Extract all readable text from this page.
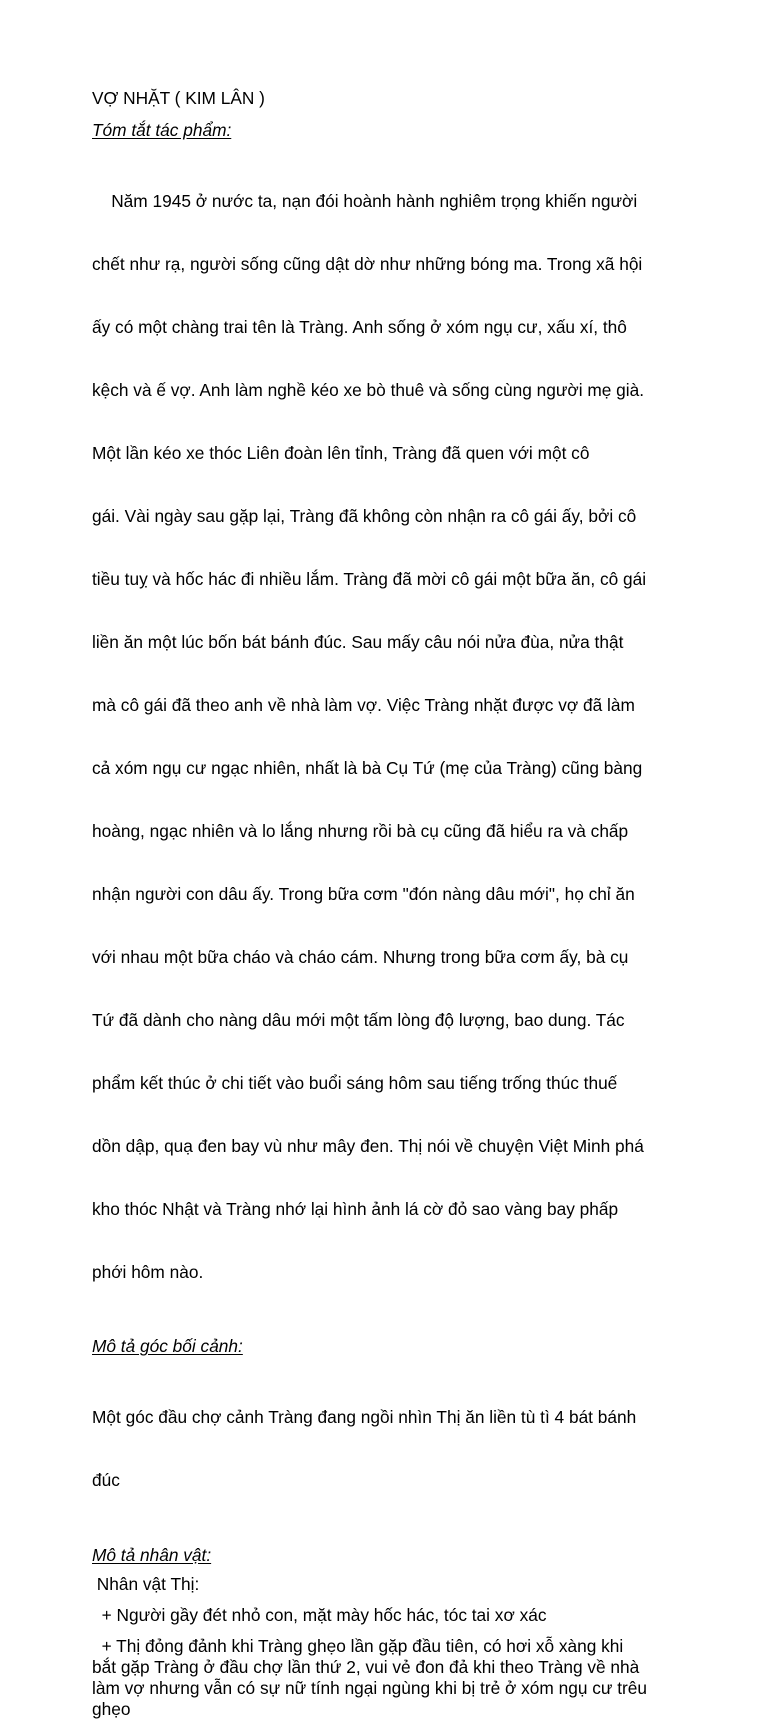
VỢ NHẶT ( KIM LÂN )
Tóm tắt tác phẩm:

Năm 1945 ở nước ta, nạn đói hoành hành nghiêm trọng khiến người

chết như rạ, người sống cũng dật dờ như những bóng ma. Trong xã hội

ấy có một chàng trai tên là Tràng. Anh sống ở xóm ngụ cư, xấu xí, thô

kệch và ế vợ. Anh làm nghề kéo xe bò thuê và sống cùng người mẹ già.

Một lần kéo xe thóc Liên đoàn lên tỉnh, Tràng đã quen với một cô

gái. Vài ngày sau gặp lại, Tràng đã không còn nhận ra cô gái ấy, bởi cô

tiều tuỵ và hốc hác đi nhiều lắm. Tràng đã mời cô gái một bữa ăn, cô gái

liền ăn một lúc bốn bát bánh đúc. Sau mấy câu nói nửa đùa, nửa thật

mà cô gái đã theo anh về nhà làm vợ. Việc Tràng nhặt được vợ đã làm

cả xóm ngụ cư ngạc nhiên, nhất là bà Cụ Tứ (mẹ của Tràng) cũng bàng

hoàng, ngạc nhiên và lo lắng nhưng rồi bà cụ cũng đã hiểu ra và chấp

nhận người con dâu ấy. Trong bữa cơm "đón nàng dâu mới", họ chỉ ăn

với nhau một bữa cháo và cháo cám. Nhưng trong bữa cơm ấy, bà cụ

Tứ đã dành cho nàng dâu mới một tấm lòng độ lượng, bao dung. Tác

phẩm kết thúc ở chi tiết vào buổi sáng hôm sau tiếng trống thúc thuế

dồn dập, quạ đen bay vù như mây đen. Thị nói về chuyện Việt Minh phá

kho thóc Nhật và Tràng nhớ lại hình ảnh lá cờ đỏ sao vàng bay phấp

phới hôm nào.

Mô tả góc bối cảnh:

Một góc đầu chợ cảnh Tràng đang ngồi nhìn Thị ăn liền tù tì 4 bát bánh

đúc

Mô tả nhân vật:
Nhân vật Thị:
+ Người gầy đét nhỏ con, mặt mày hốc hác, tóc tai xơ xác
+ Thị đỏng đảnh khi Tràng ghẹo lần gặp đầu tiên, có hơi xỗ xàng khi
bắt gặp Tràng ở đầu chợ lần thứ 2, vui vẻ đon đả khi theo Tràng về nhà
làm vợ nhưng vẫn có sự nữ tính ngại ngùng khi bị trẻ ở xóm ngụ cư trêu
ghẹo
